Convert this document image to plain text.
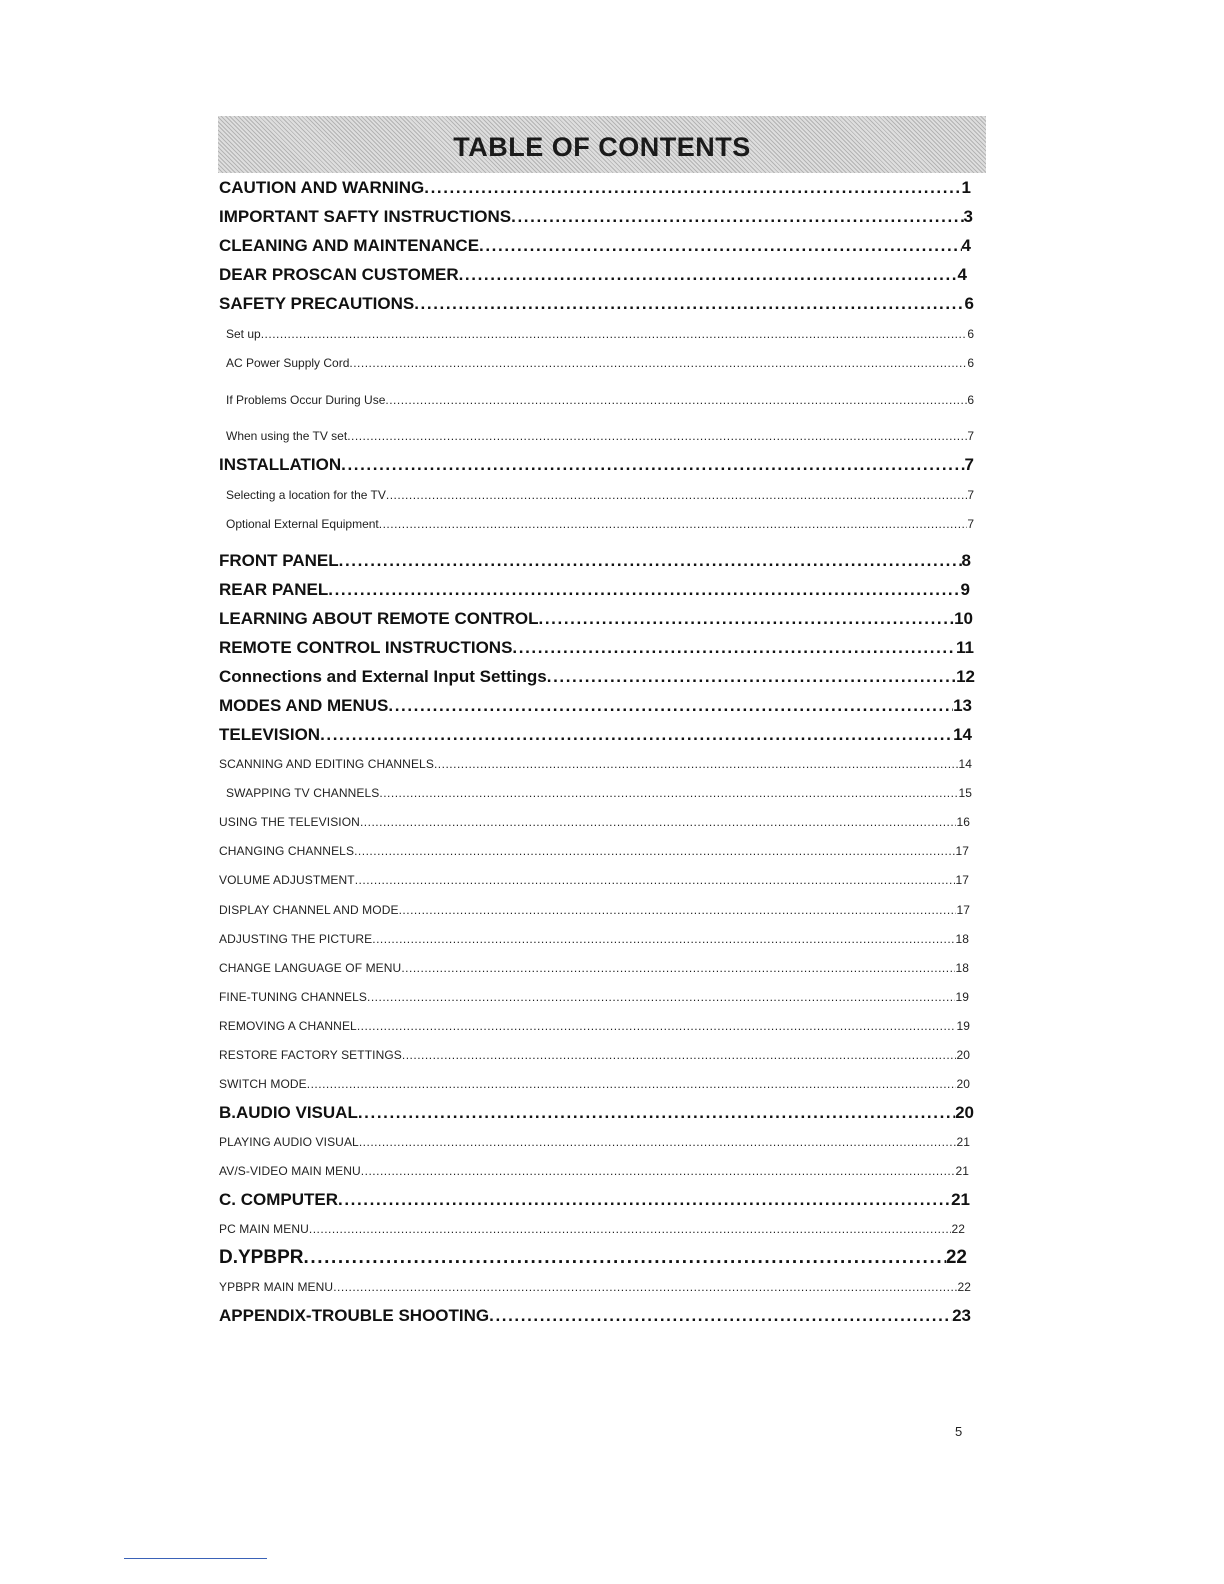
TABLE OF CONTENTS
CAUTION AND WARNING .....	1
IMPORTANT SAFTY INSTRUCTIONS .....	3
CLEANING AND MAINTENANCE .....	4
DEAR PROSCAN CUSTOMER .....	4
SAFETY PRECAUTIONS .....	6
Set up .....	6
AC Power Supply Cord .....	6
If Problems Occur During Use .....	6
When using the TV set .....	7
INSTALLATION .....	7
Selecting a location for the TV .....	7
Optional External Equipment .....	7
FRONT PANEL .....	8
REAR PANEL .....	9
LEARNING ABOUT REMOTE CONTROL .....	10
REMOTE CONTROL INSTRUCTIONS .....	11
Connections and External Input Settings .....	12
MODES AND MENUS .....	13
TELEVISION .....	14
SCANNING AND EDITING CHANNELS .....	14
SWAPPING TV CHANNELS .....	15
USING THE TELEVISION .....	16
CHANGING CHANNELS .....	17
VOLUME ADJUSTMENT .....	17
DISPLAY CHANNEL AND MODE .....	17
ADJUSTING THE PICTURE .....	18
CHANGE LANGUAGE OF MENU .....	18
FINE-TUNING CHANNELS .....	19
REMOVING A CHANNEL .....	19
RESTORE FACTORY SETTINGS .....	20
SWITCH MODE .....	20
B.AUDIO VISUAL .....	20
PLAYING AUDIO VISUAL .....	21
AV/S-VIDEO MAIN MENU .....	21
C. COMPUTER .....	21
PC MAIN MENU .....	22
D.YPBPR .....	22
YPBPR MAIN MENU .....	22
APPENDIX-TROUBLE SHOOTING .....	23
5
